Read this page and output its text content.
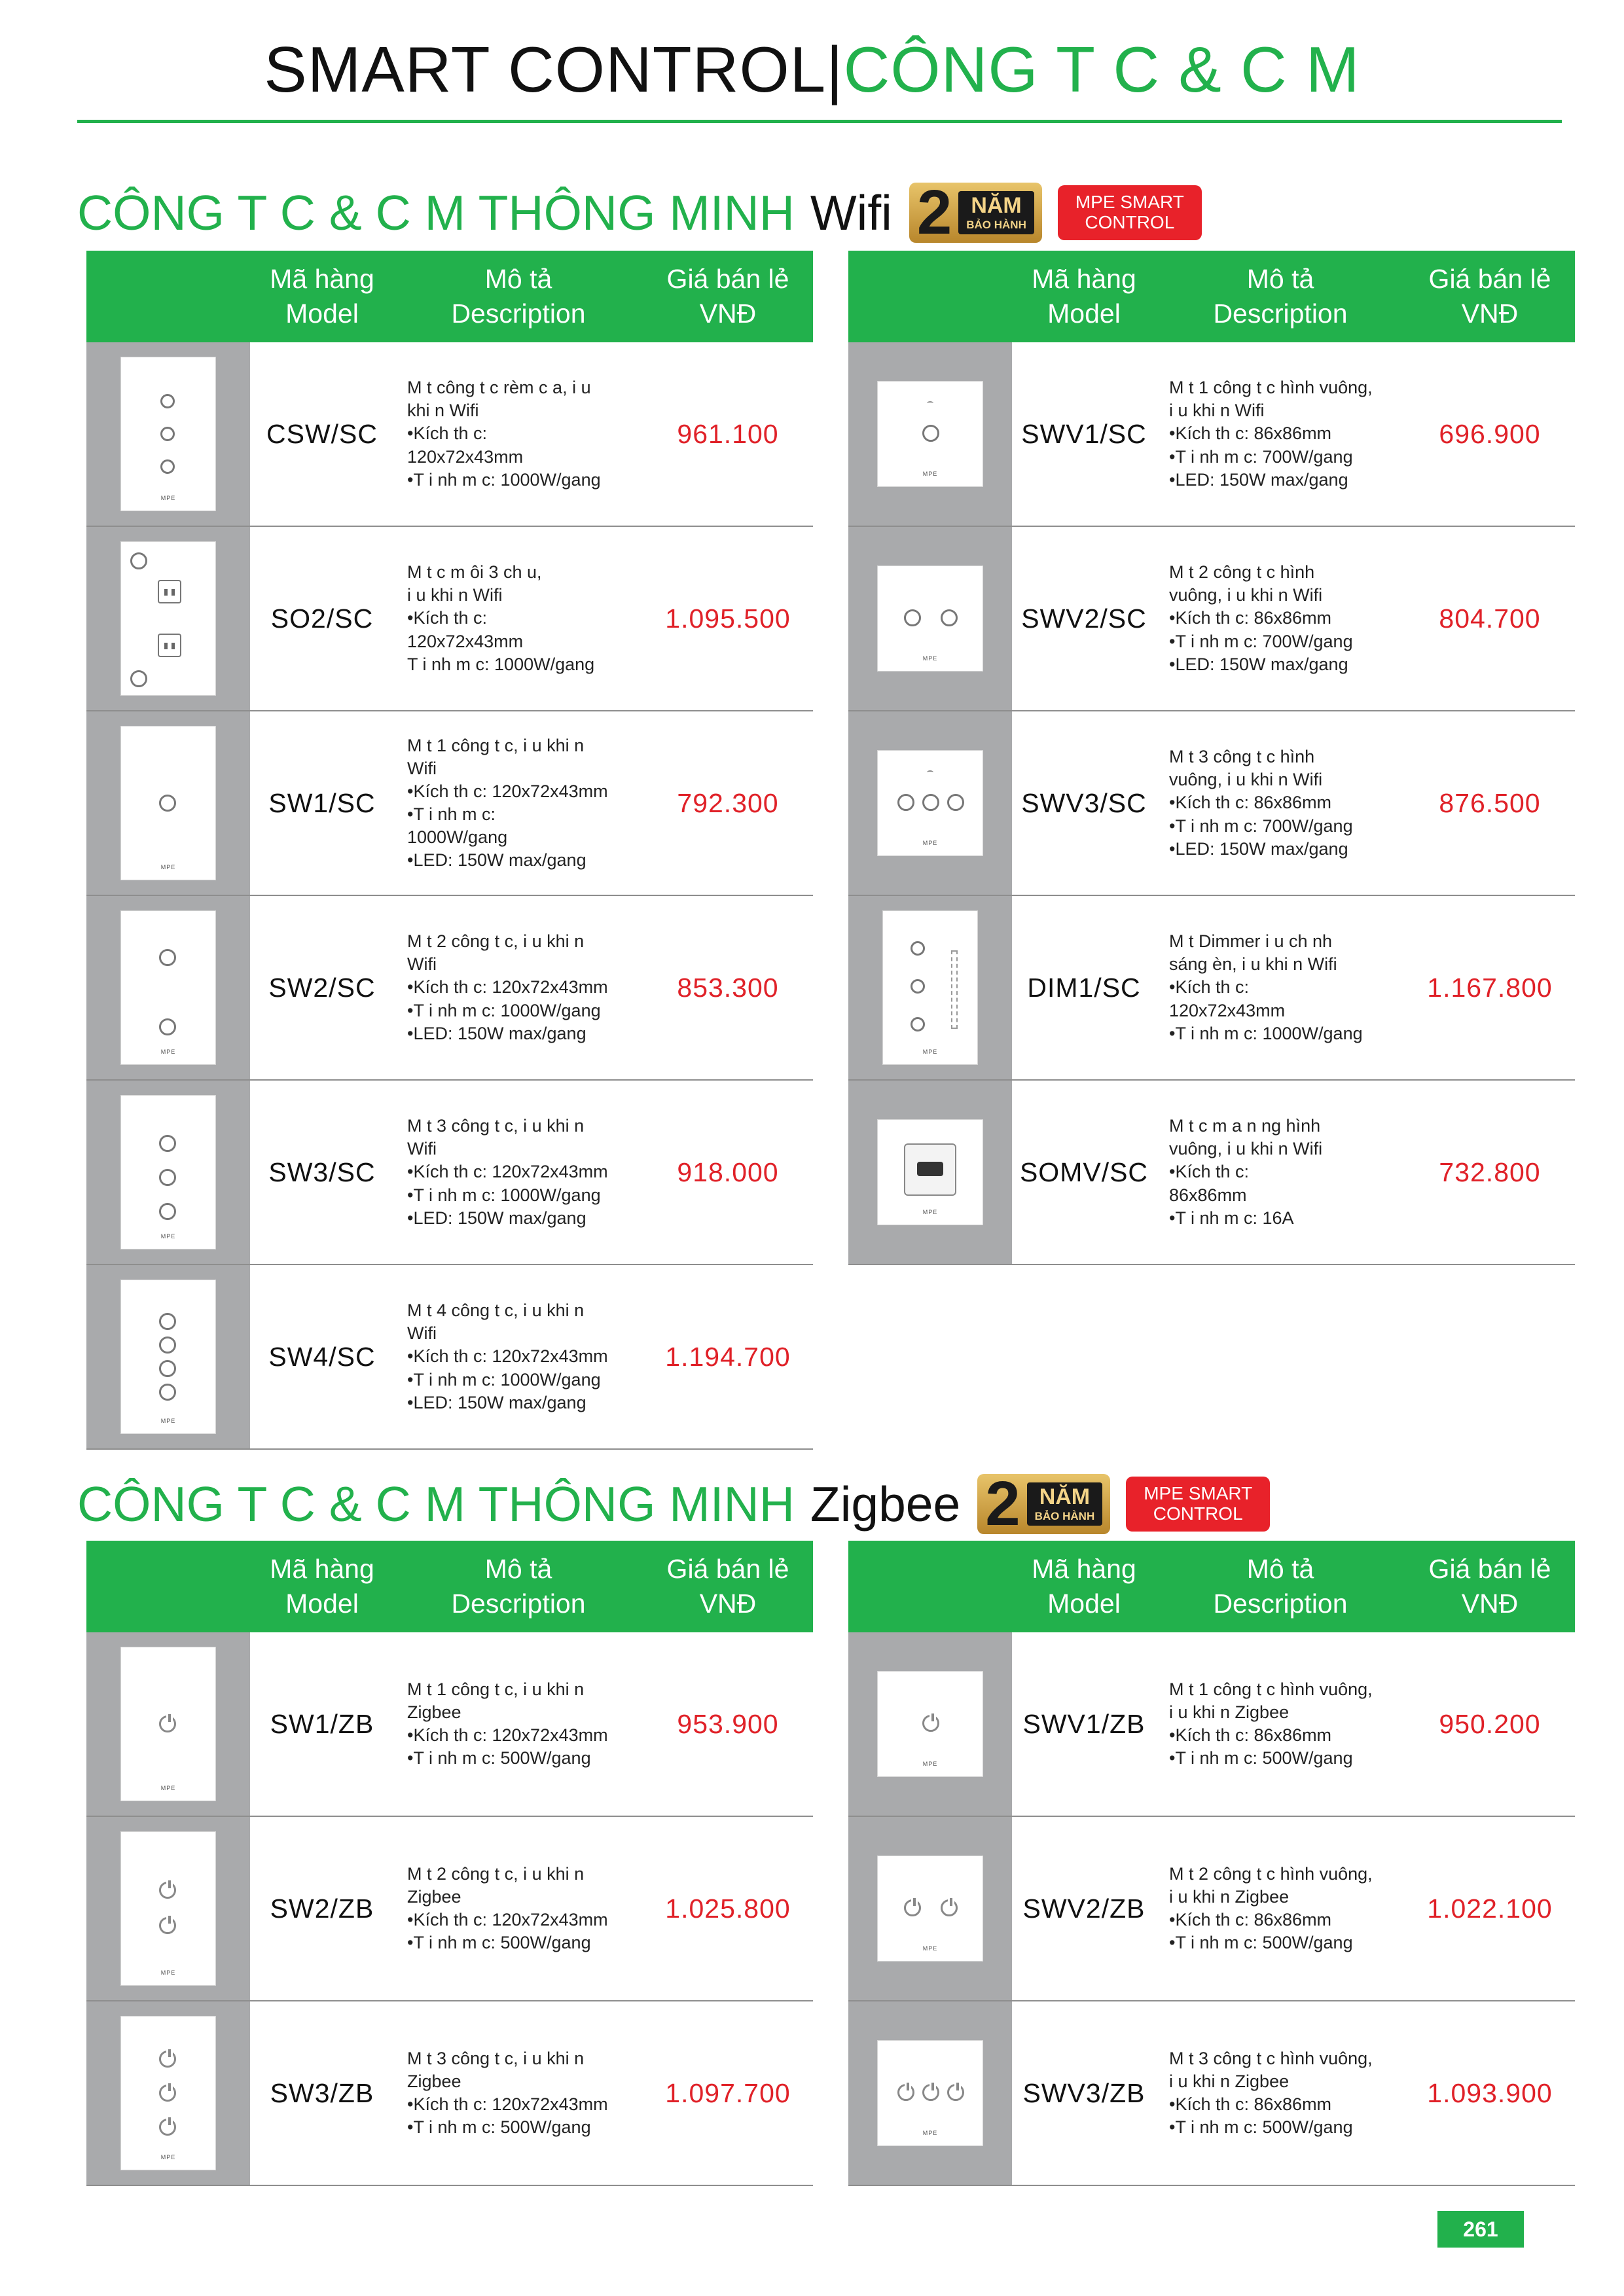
SMART CONTROL|CÔNG T C & C M
CÔNG T C & C M THÔNG MINH Wifi 2 NĂM
BẢO HÀNH
MPE SMART
CONTROL
Mã hàng
Model
Mô tả
Description
Giá bán lẻ
VNĐ
MPE
CSW/SC
M t công t c rèm c a, i u
khi n Wifi
•Kích th c:
120x72x43mm
•T i nh m c: 1000W/gang
961.100
SO2/SC
M t c m ôi 3 ch u,
i u khi n Wifi
•Kích th c:
120x72x43mm
T i nh m c: 1000W/gang
1.095.500
MPE
SW1/SC
M t 1 công t c, i u khi n
Wifi
•Kích th c: 120x72x43mm
•T i nh m c:
1000W/gang
•LED: 150W max/gang
792.300
MPE
SW2/SC
M t 2 công t c, i u khi n
Wifi
•Kích th c: 120x72x43mm
•T i nh m c: 1000W/gang
•LED: 150W max/gang
853.300
MPE
SW3/SC
M t 3 công t c, i u khi n
Wifi
•Kích th c: 120x72x43mm
•T i nh m c: 1000W/gang
•LED: 150W max/gang
918.000
MPE
SW4/SC
M t 4 công t c, i u khi n
Wifi
•Kích th c: 120x72x43mm
•T i nh m c: 1000W/gang
•LED: 150W max/gang
1.194.700
Mã hàng
Model
Mô tả
Description
Giá bán lẻ
VNĐ
MPE
SWV1/SC
M t 1 công t c hình vuông,
i u khi n Wifi
•Kích th c: 86x86mm
•T i nh m c: 700W/gang
•LED: 150W max/gang
696.900
MPE
SWV2/SC
M t 2 công t c hình
vuông, i u khi n Wifi
•Kích th c: 86x86mm
•T i nh m c: 700W/gang
•LED: 150W max/gang
804.700
MPE
SWV3/SC
M t 3 công t c hình
vuông, i u khi n Wifi
•Kích th c: 86x86mm
•T i nh m c: 700W/gang
•LED: 150W max/gang
876.500
MPE
DIM1/SC
M t Dimmer i u ch nh
sáng èn, i u khi n Wifi
•Kích th c:
120x72x43mm
•T i nh m c: 1000W/gang
1.167.800
MPE
SOMV/SC
M t c m a n ng hình
vuông, i u khi n Wifi
•Kích th c:
86x86mm
•T i nh m c: 16A
732.800
CÔNG T C & C M THÔNG MINH Zigbee 2 NĂM
BẢO HÀNH
MPE SMART
CONTROL
Mã hàng
Model
Mô tả
Description
Giá bán lẻ
VNĐ
MPE
SW1/ZB
M t 1 công t c, i u khi n
Zigbee
•Kích th c: 120x72x43mm
•T i nh m c: 500W/gang
953.900
MPE
SW2/ZB
M t 2 công t c, i u khi n
Zigbee
•Kích th c: 120x72x43mm
•T i nh m c: 500W/gang
1.025.800
MPE
SW3/ZB
M t 3 công t c, i u khi n
Zigbee
•Kích th c: 120x72x43mm
•T i nh m c: 500W/gang
1.097.700
Mã hàng
Model
Mô tả
Description
Giá bán lẻ
VNĐ
MPE
SWV1/ZB
M t 1 công t c hình vuông,
i u khi n Zigbee
•Kích th c: 86x86mm
•T i nh m c: 500W/gang
950.200
MPE
SWV2/ZB
M t 2 công t c hình vuông,
i u khi n Zigbee
•Kích th c: 86x86mm
•T i nh m c: 500W/gang
1.022.100
MPE
SWV3/ZB
M t 3 công t c hình vuông,
i u khi n Zigbee
•Kích th c: 86x86mm
•T i nh m c: 500W/gang
1.093.900
261
